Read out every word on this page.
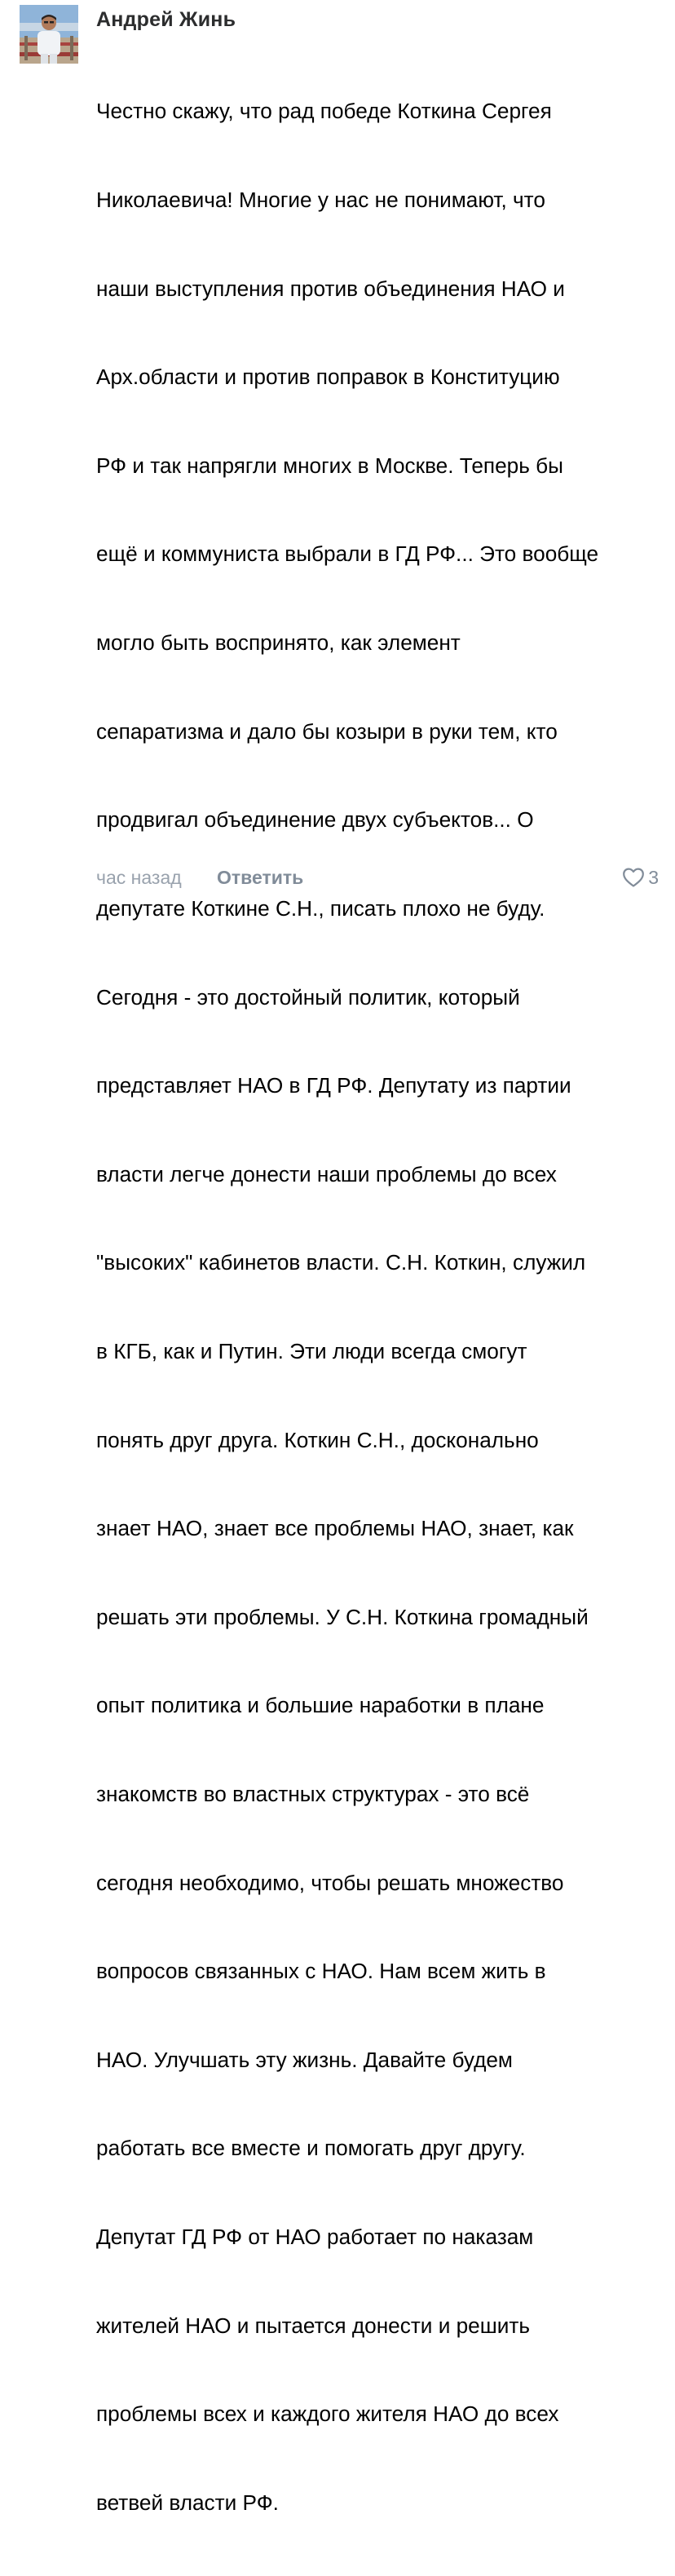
Андрей Жинь

Честно скажу, что рад победе Коткина Сергея

Николаевича! Многие у нас не понимают, что

наши выступления против объединения НАО и

Арх.области и против поправок в Конституцию

РФ и так напрягли многих в Москве. Теперь бы

ещё и коммуниста выбрали в ГД РФ... Это вообще

могло быть воспринято, как элемент

сепаратизма и дало бы козыри в руки тем, кто

продвигал объединение двух субъектов... О

депутате Коткине С.Н., писать плохо не буду.

Сегодня - это достойный политик, который

представляет НАО в ГД РФ. Депутату из партии

власти легче донести наши проблемы до всех

"высоких" кабинетов власти. С.Н. Коткин, служил

в КГБ, как и Путин. Эти люди всегда смогут

понять друг друга. Коткин С.Н., досконально

знает НАО, знает все проблемы НАО, знает, как

решать эти проблемы. У С.Н. Коткина громадный

опыт политика и большие наработки в плане

знакомств во властных структурах - это всё

сегодня необходимо, чтобы решать множество

вопросов связанных с НАО. Нам всем жить в

НАО. Улучшать эту жизнь. Давайте будем

работать все вместе и помогать друг другу.

Депутат ГД РФ от НАО работает по наказам

жителей НАО и пытается донести и решить

проблемы всех и каждого жителя НАО до всех

ветвей власти РФ.

час назад Ответить	3
